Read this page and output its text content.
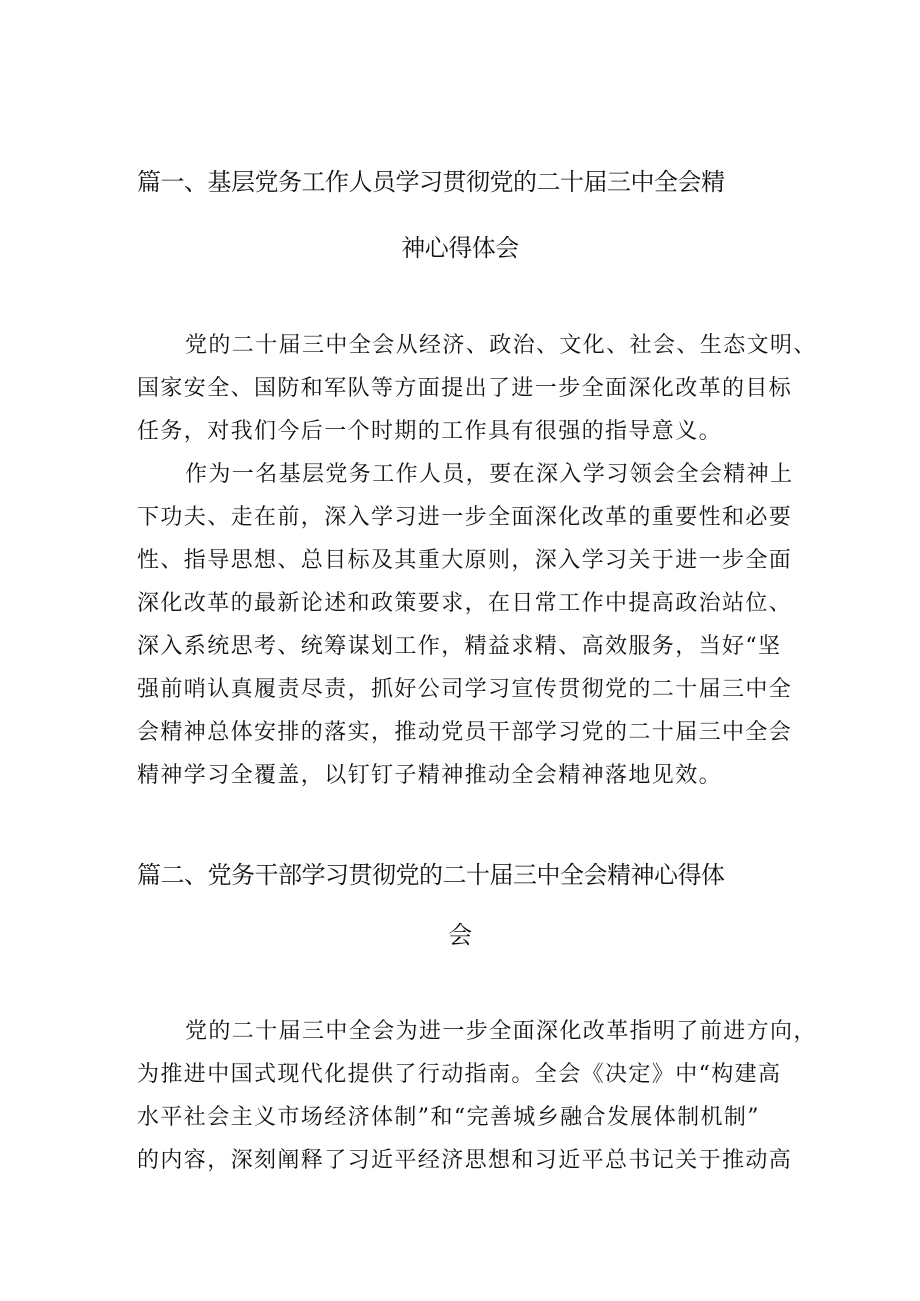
篇一、基层党务工作人员学习贯彻党的二十届三中全会精
神心得体会
党的二十届三中全会从经济、政治、文化、社会、生态文明、
国家安全、国防和军队等方面提出了进一步全面深化改革的目标
任务，对我们今后一个时期的工作具有很强的指导意义。
作为一名基层党务工作人员，要在深入学习领会全会精神上
下功夫、走在前，深入学习进一步全面深化改革的重要性和必要
性、指导思想、总目标及其重大原则，深入学习关于进一步全面
深化改革的最新论述和政策要求，在日常工作中提高政治站位、
深入系统思考、统筹谋划工作，精益求精、高效服务，当好“坚
强前哨认真履责尽责，抓好公司学习宣传贯彻党的二十届三中全
会精神总体安排的落实，推动党员干部学习党的二十届三中全会
精神学习全覆盖，以钉钉子精神推动全会精神落地见效。
篇二、党务干部学习贯彻党的二十届三中全会精神心得体
会
党的二十届三中全会为进一步全面深化改革指明了前进方向，
为推进中国式现代化提供了行动指南。全会《决定》中“构建高
水平社会主义市场经济体制”和“完善城乡融合发展体制机制”
的内容，深刻阐释了习近平经济思想和习近平总书记关于推动高
